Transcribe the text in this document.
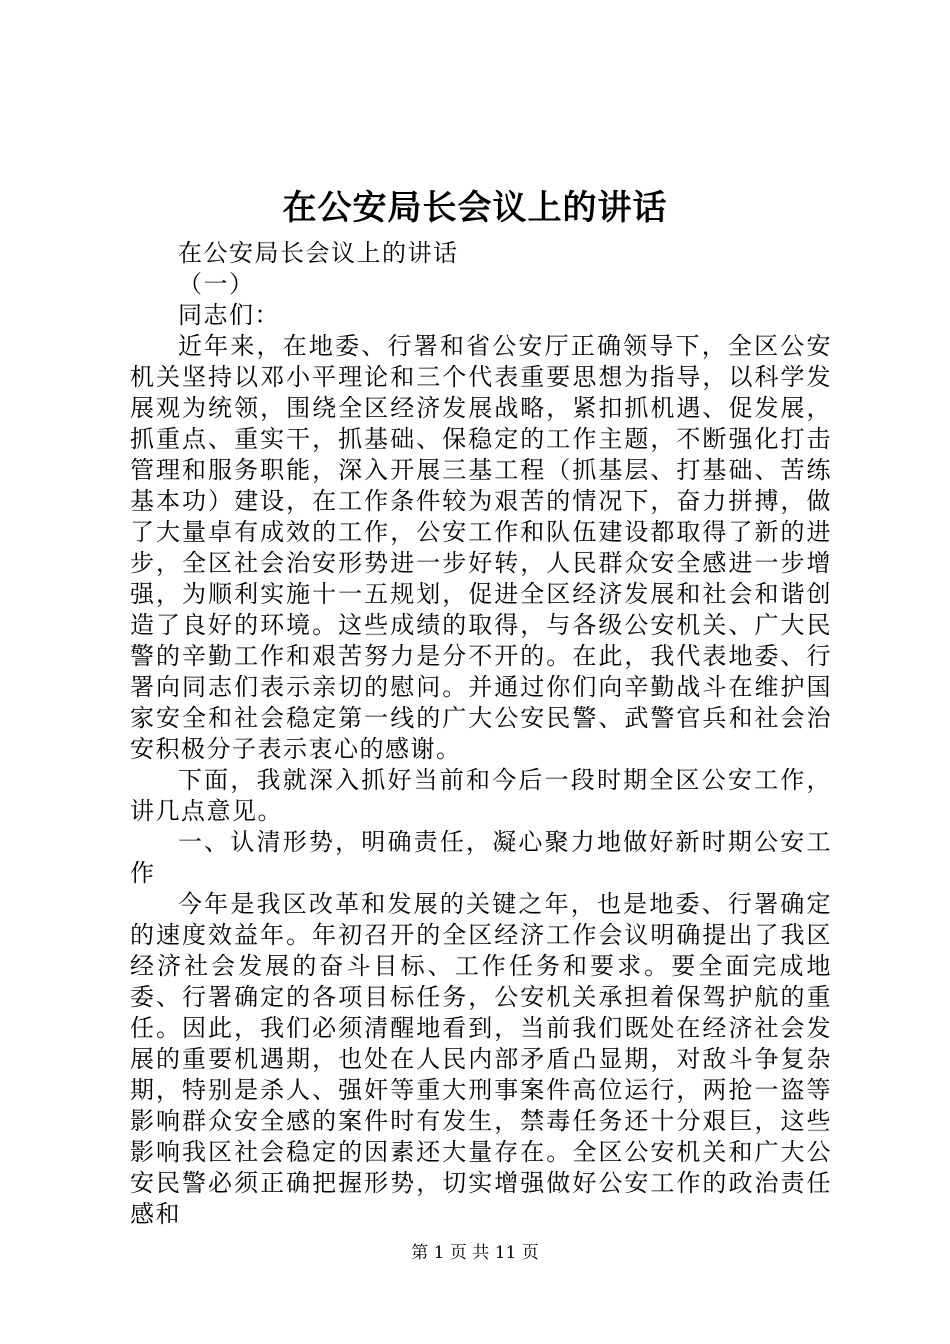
在公安局长会议上的讲话

在公安局长会议上的讲话

（一）

同志们：

近年来，在地委、行署和省公安厅正确领导下，全区公安机关坚持以邓小平理论和三个代表重要思想为指导，以科学发展观为统领，围绕全区经济发展战略，紧扣抓机遇、促发展，抓重点、重实干，抓基础、保稳定的工作主题，不断强化打击管理和服务职能，深入开展三基工程（抓基层、打基础、苦练基本功）建设，在工作条件较为艰苦的情况下，奋力拼搏，做了大量卓有成效的工作，公安工作和队伍建设都取得了新的进步，全区社会治安形势进一步好转，人民群众安全感进一步增强，为顺利实施十一五规划，促进全区经济发展和社会和谐创造了良好的环境。这些成绩的取得，与各级公安机关、广大民警的辛勤工作和艰苦努力是分不开的。在此，我代表地委、行署向同志们表示亲切的慰问。并通过你们向辛勤战斗在维护国家安全和社会稳定第一线的广大公安民警、武警官兵和社会治安积极分子表示衷心的感谢。

下面，我就深入抓好当前和今后一段时期全区公安工作，讲几点意见。

一、认清形势，明确责任，凝心聚力地做好新时期公安工作

今年是我区改革和发展的关键之年，也是地委、行署确定的速度效益年。年初召开的全区经济工作会议明确提出了我区经济社会发展的奋斗目标、工作任务和要求。要全面完成地委、行署确定的各项目标任务，公安机关承担着保驾护航的重任。因此，我们必须清醒地看到，当前我们既处在经济社会发展的重要机遇期，也处在人民内部矛盾凸显期，对敌斗争复杂期，特别是杀人、强奸等重大刑事案件高位运行，两抢一盗等影响群众安全感的案件时有发生，禁毒任务还十分艰巨，这些影响我区社会稳定的因素还大量存在。全区公安机关和广大公安民警必须正确把握形势，切实增强做好公安工作的政治责任感和

第 1 页 共 11 页
